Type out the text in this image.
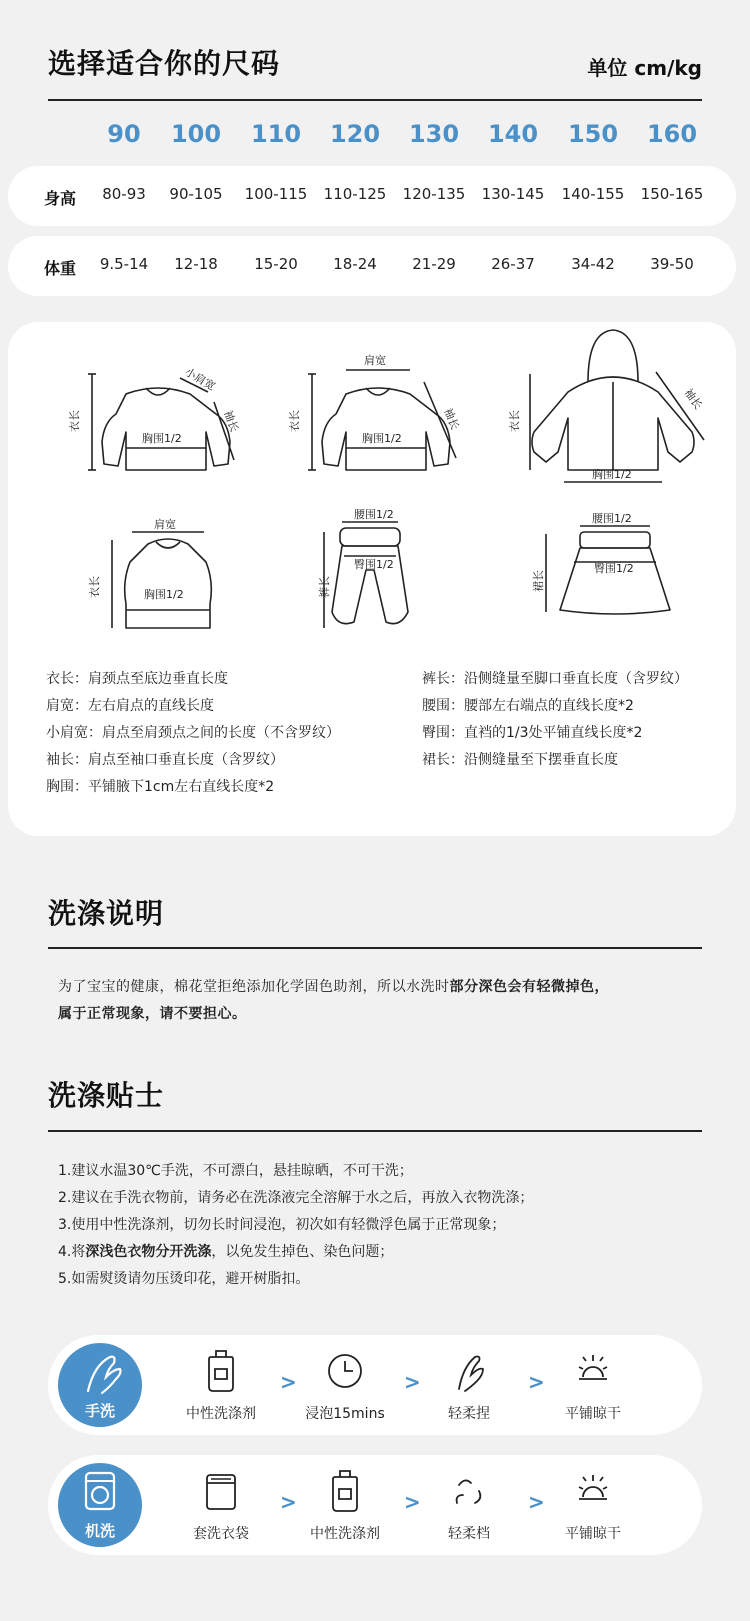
选择适合你的尺码	单位 cm/kg
90	100	110	120	130	140	150	160
身高	80-93	90-105	100-115	110-125	120-135	130-145	140-155	150-165
体重	9.5-14	12-18	15-20	18-24	21-29	26-37	34-42	39-50
小肩宽
衣长
胸围1/2
袖长
肩宽
衣长
胸围1/2
袖长	衣长
袖长
胸围1/2
肩宽
衣长	胸围1/2
腰围1/2
臀围1/2
裤长
腰围1/2
臀围1/2
裙长
衣长：肩颈点至底边垂直长度
肩宽：左右肩点的直线长度
小肩宽：肩点至肩颈点之间的长度（不含罗纹）
袖长：肩点至袖口垂直长度（含罗纹）
胸围：平铺腋下1cm左右直线长度*2
裤长：沿侧缝量至脚口垂直长度（含罗纹）
腰围：腰部左右端点的直线长度*2
臀围：直裆的1/3处平铺直线长度*2
裙长：沿侧缝量至下摆垂直长度
洗涤说明
为了宝宝的健康，棉花堂拒绝添加化学固色助剂，所以水洗时部分深色会有轻微掉色，
属于正常现象，请不要担心。
洗涤贴士
1.建议水温30℃手洗，不可漂白，悬挂晾晒，不可干洗；
2.建议在手洗衣物前，请务必在洗涤液完全溶解于水之后，再放入衣物洗涤；
3.使用中性洗涤剂，切勿长时间浸泡，初次如有轻微浮色属于正常现象；
4.将深浅色衣物分开洗涤，以免发生掉色、染色问题；
5.如需熨烫请勿压烫印花，避开树脂扣。
手洗	中性洗涤剂
>
浸泡15mins
>
轻柔捏
>
平铺晾干
机洗	套洗衣袋
>
中性洗涤剂
>
轻柔档
>
平铺晾干
